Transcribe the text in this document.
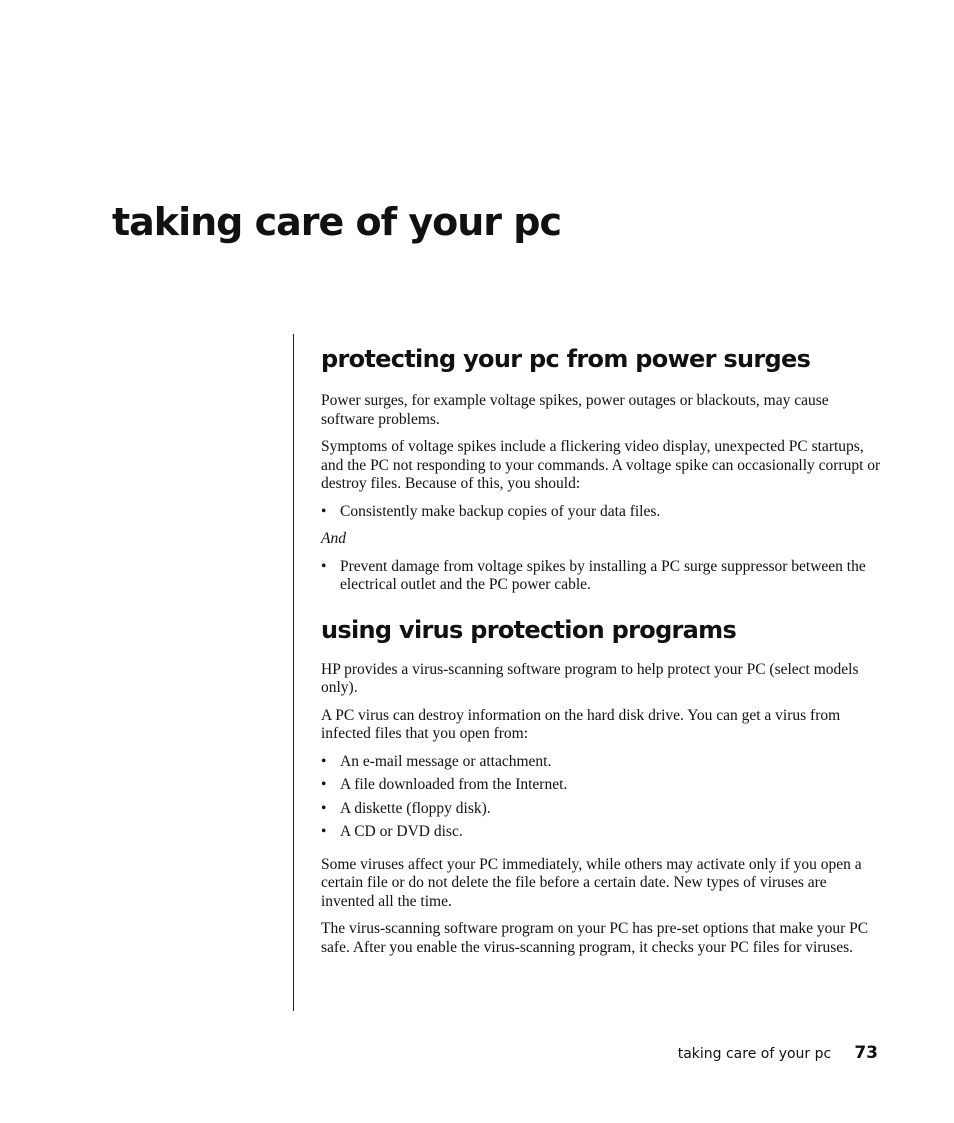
taking care of your pc
protecting your pc from power surges

Power surges, for example voltage spikes, power outages or blackouts, may cause software problems.

Symptoms of voltage spikes include a flickering video display, unexpected PC startups, and the PC not responding to your commands. A voltage spike can occasionally corrupt or destroy files. Because of this, you should:

• Consistently make backup copies of your data files.
And
• Prevent damage from voltage spikes by installing a PC surge suppressor between the electrical outlet and the PC power cable.
using virus protection programs

HP provides a virus-scanning software program to help protect your PC (select models only).

A PC virus can destroy information on the hard disk drive. You can get a virus from infected files that you open from:

• An e-mail message or attachment.
• A file downloaded from the Internet.
• A diskette (floppy disk).
• A CD or DVD disc.

Some viruses affect your PC immediately, while others may activate only if you open a certain file or do not delete the file before a certain date. New types of viruses are invented all the time.

The virus-scanning software program on your PC has pre-set options that make your PC safe. After you enable the virus-scanning program, it checks your PC files for viruses.

taking care of your pc 73
